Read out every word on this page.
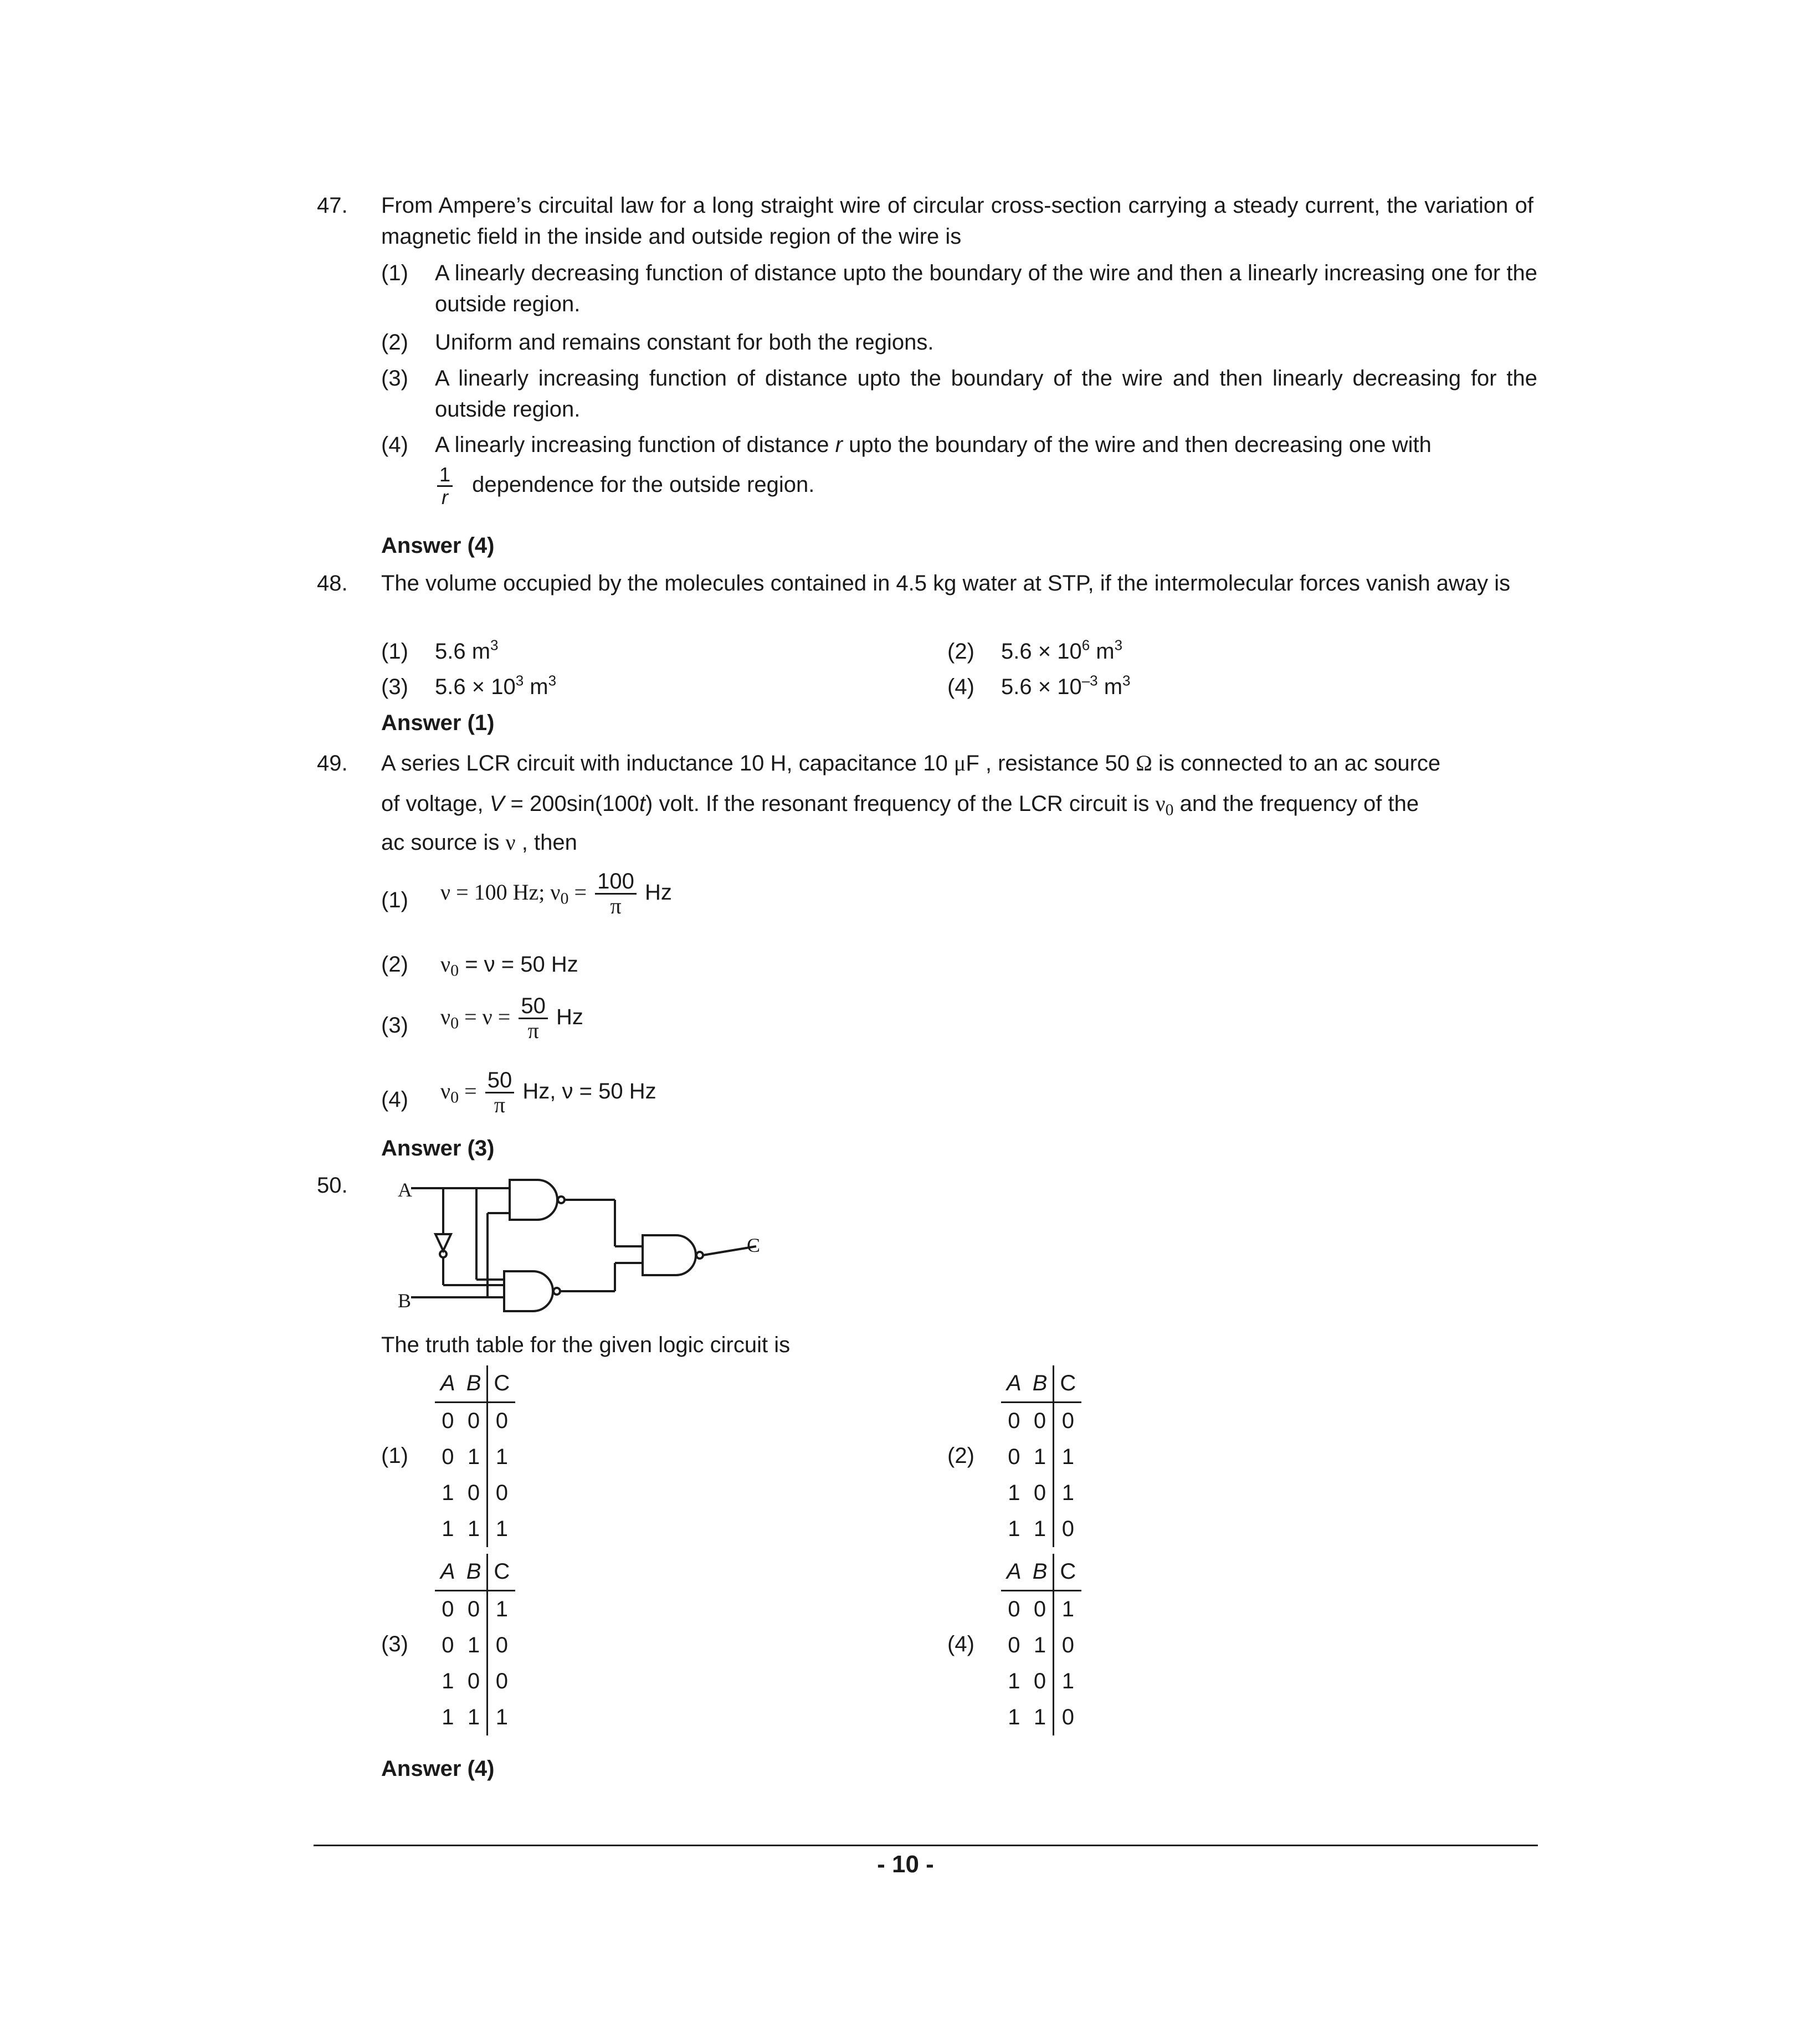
47. From Ampere’s circuital law for a long straight wire of circular cross-section carrying a steady current, the variation of magnetic field in the inside and outside region of the wire is
(1) A linearly decreasing function of distance upto the boundary of the wire and then a linearly increasing one for the outside region.
(2) Uniform and remains constant for both the regions.
(3) A linearly increasing function of distance upto the boundary of the wire and then linearly decreasing for the outside region.
(4) A linearly increasing function of distance r upto the boundary of the wire and then decreasing one with
$\frac{1}{r}$ dependence for the outside region.
Answer (4)
48. The volume occupied by the molecules contained in 4.5 kg water at STP, if the intermolecular forces vanish away is
(1) 5.6 $m^3$	(2) $5.6 \times 10^6$ $m^3$
(3) $5.6 \times 10^3$ $m^3$	(4) $5.6 \times 10^{-3}$ $m^3$
Answer (1)
49. A series LCR circuit with inductance 10 H, capacitance 10 μF , resistance 50 Ω is connected to an ac source
of voltage, V = 200sin(100t) volt. If the resonant frequency of the LCR circuit is $\nu_0$ and the frequency of the
ac source is ν , then
(1) ν = 100 Hz; $\nu_0 = \frac{100}{\pi}$ Hz
(2) $\nu_0 = \nu = 50$ Hz
(3) $\nu_0 = \nu = \frac{50}{\pi}$ Hz
(4) $\nu_0 = \frac{50}{\pi} Hz$, ν = 50 Hz
Answer (3)
50.	A
B
C
The truth table for the given logic circuit is
(1)
A	B	C
0	0	0
0	1	1
1	0	0
1	1	1
(2)
A	B	C
0	0	0
0	1	1
1	0	1
1	1	0
(3)
A	B	C
0	0	1
0	1	0
1	0	0
1	1	1
(4)
A	B	C
0	0	1
0	1	0
1	0	1
1	1	0
Answer (4)
- 10 -
